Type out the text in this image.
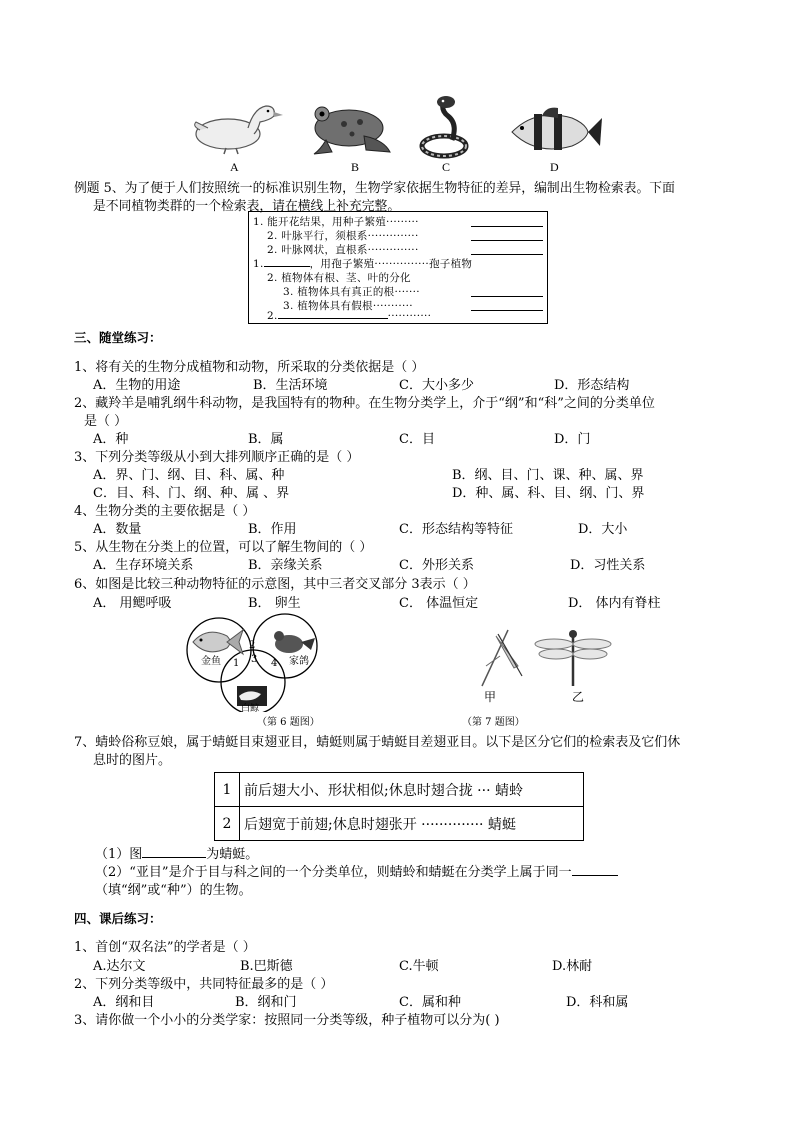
A	B	C	D
例题 5、为了便于人们按照统一的标准识别生物，生物学家依据生物特征的差异，编制出生物检索表。下面
是不同植物类群的一个检索表，请在横线上补充完整。
1. 能开花结果，用种子繁殖·········
2. 叶脉平行，须根系··············
2. 叶脉网状，直根系··············
1.	，用孢子繁殖···············孢子植物
2. 植物体有根、茎、叶的分化
3. 植物体具有真正的根·······
3. 植物体具有假根···········
2.	············
三、随堂练习：
1、将有关的生物分成植物和动物，所采取的分类依据是（ ）
A．生物的用途	B．生活环境	C．大小多少	D．形态结构
2、藏羚羊是哺乳纲牛科动物，是我国特有的物种。在生物分类学上，介于“纲”和“科”之间的分类单位
是（ ）
A．种	B．属	C．目	D．门
3、下列分类等级从小到大排列顺序正确的是（ ）
A．界、门、纲、目、科、属、种	B．纲、目、门、课、种、属、界
C．目、科、门、纲、种、属 、界	D．种、属、科、目、纲、门、界
4、生物分类的主要依据是（ ）
A．数量	B．作用	C．形态结构等特征	D．大小
5、从生物在分类上的位置，可以了解生物间的（ ）
A．生存环境关系	B．亲缘关系	C．外形关系	D．习性关系
6、如图是比较三种动物特征的示意图，其中三者交叉部分 3表示（ ）
A． 用鳃呼吸	B． 卵生	C． 体温恒定	D． 体内有脊柱
金鱼	家鸽
白鲸
1
2
3 4
甲	乙
（第 6 题图）	（第 7 题图）
7、蜻蛉俗称豆娘，属于蜻蜓目束翅亚目，蜻蜓则属于蜻蜓目差翅亚目。以下是区分它们的检索表及它们休
息时的图片。
1	前后翅大小、形状相似;休息时翅合拢 ··· 蜻蛉
2	后翅宽于前翅;休息时翅张开 ·············· 蜻蜓
（1）图	为蜻蜓。
（2）“亚目”是介于目与科之间的一个分类单位，则蜻蛉和蜻蜓在分类学上属于同一
（填“纲”或“种”）的生物。
四、课后练习：
1、首创“双名法”的学者是（ ）
A.达尔文	B.巴斯德	C.牛顿	D.林耐
2、下列分类等级中，共同特征最多的是（ ）
A．纲和目	B．纲和门	C．属和种	D．科和属
3、请你做一个小小的分类学家：按照同一分类等级，种子植物可以分为( )
